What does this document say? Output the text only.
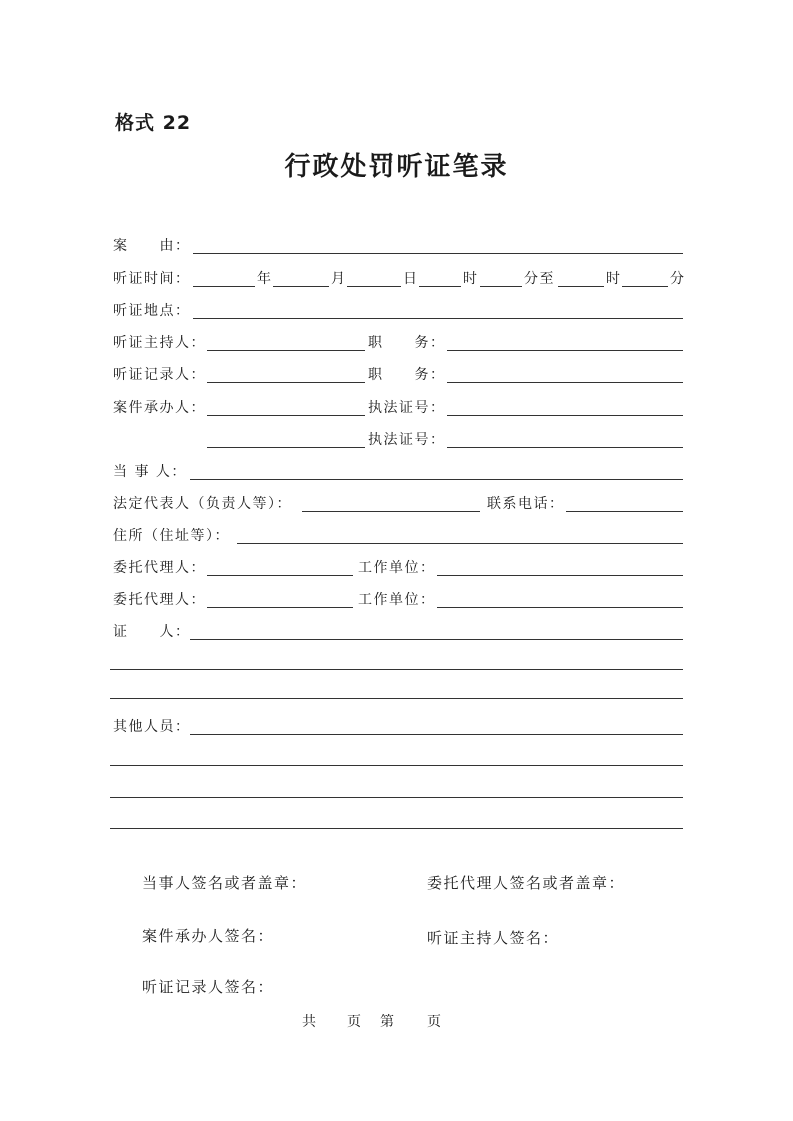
格式 22
行政处罚听证笔录
案　　由：
听证时间：	年	月	日	时	分至	时	分
听证地点：
听证主持人：	职　　务：
听证记录人：	职　　务：
案件承办人：	执法证号：
执法证号：
当 事 人：
法定代表人（负责人等）：	联系电话：
住所（住址等）：
委托代理人：	工作单位：
委托代理人：	工作单位：
证　　人：
其他人员：
当事人签名或者盖章：	委托代理人签名或者盖章：
案件承办人签名：	听证主持人签名：
听证记录人签名：
共 页 第 页
